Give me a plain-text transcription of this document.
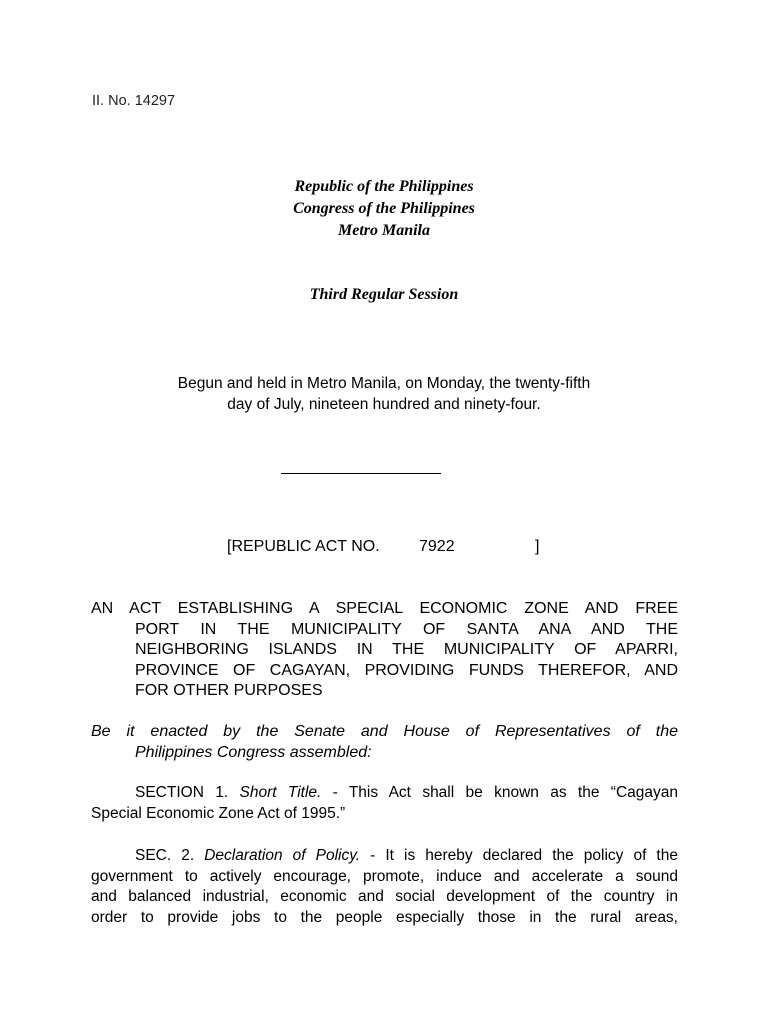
II. No. 14297
Republic of the Philippines
Congress of the Philippines
Metro Manila
Third Regular Session
Begun and held in Metro Manila, on Monday, the twenty-fifth
day of July, nineteen hundred and ninety-four.
[REPUBLIC ACT NO. 7922	]
AN ACT ESTABLISHING A SPECIAL ECONOMIC ZONE AND FREE
PORT IN THE MUNICIPALITY OF SANTA ANA AND THE
NEIGHBORING ISLANDS IN THE MUNICIPALITY OF APARRI,
PROVINCE OF CAGAYAN, PROVIDING FUNDS THEREFOR, AND
FOR OTHER PURPOSES
Be it enacted by the Senate and House of Representatives of the
Philippines Congress assembled:
SECTION 1. Short Title. - This Act shall be known as the “Cagayan
Special Economic Zone Act of 1995.”
SEC. 2. Declaration of Policy. - It is hereby declared the policy of the
government to actively encourage, promote, induce and accelerate a sound
and balanced industrial, economic and social development of the country in
order to provide jobs to the people especially those in the rural areas,
